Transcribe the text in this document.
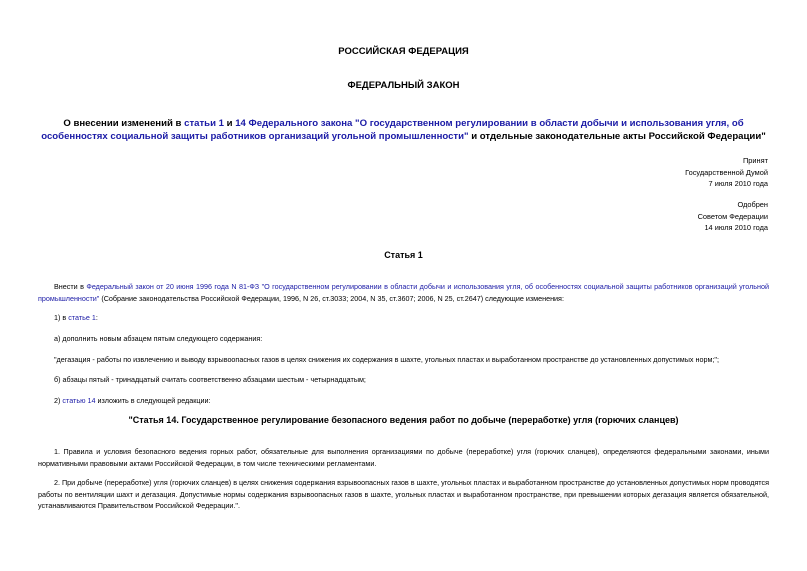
РОССИЙСКАЯ ФЕДЕРАЦИЯ
ФЕДЕРАЛЬНЫЙ ЗАКОН
О внесении изменений в статьи 1 и 14 Федерального закона "О государственном регулировании в области добычи и использования угля, об особенностях социальной защиты работников организаций угольной промышленности" и отдельные законодательные акты Российской Федерации"
Принят
Государственной Думой
7 июля 2010 года
Одобрен
Советом Федерации
14 июля 2010 года
Статья 1
Внести в Федеральный закон от 20 июня 1996 года N 81-ФЗ "О государственном регулировании в области добычи и использования угля, об особенностях социальной защиты работников организаций угольной промышленности" (Собрание законодательства Российской Федерации, 1996, N 26, ст.3033; 2004, N 35, ст.3607; 2006, N 25, ст.2647) следующие изменения:
1) в статье 1:
а) дополнить новым абзацем пятым следующего содержания:
"дегазация - работы по извлечению и выводу взрывоопасных газов в целях снижения их содержания в шахте, угольных пластах и выработанном пространстве до установленных допустимых норм;";
б) абзацы пятый - тринадцатый считать соответственно абзацами шестым - четырнадцатым;
2) статью 14 изложить в следующей редакции:
"Статья 14. Государственное регулирование безопасного ведения работ по добыче (переработке) угля (горючих сланцев)
1. Правила и условия безопасного ведения горных работ, обязательные для выполнения организациями по добыче (переработке) угля (горючих сланцев), определяются федеральными законами, иными нормативными правовыми актами Российской Федерации, в том числе техническими регламентами.
2. При добыче (переработке) угля (горючих сланцев) в целях снижения содержания взрывоопасных газов в шахте, угольных пластах и выработанном пространстве до установленных допустимых норм проводятся работы по вентиляции шахт и дегазация. Допустимые нормы содержания взрывоопасных газов в шахте, угольных пластах и выработанном пространстве, при превышении которых дегазация является обязательной, устанавливаются Правительством Российской Федерации.".
